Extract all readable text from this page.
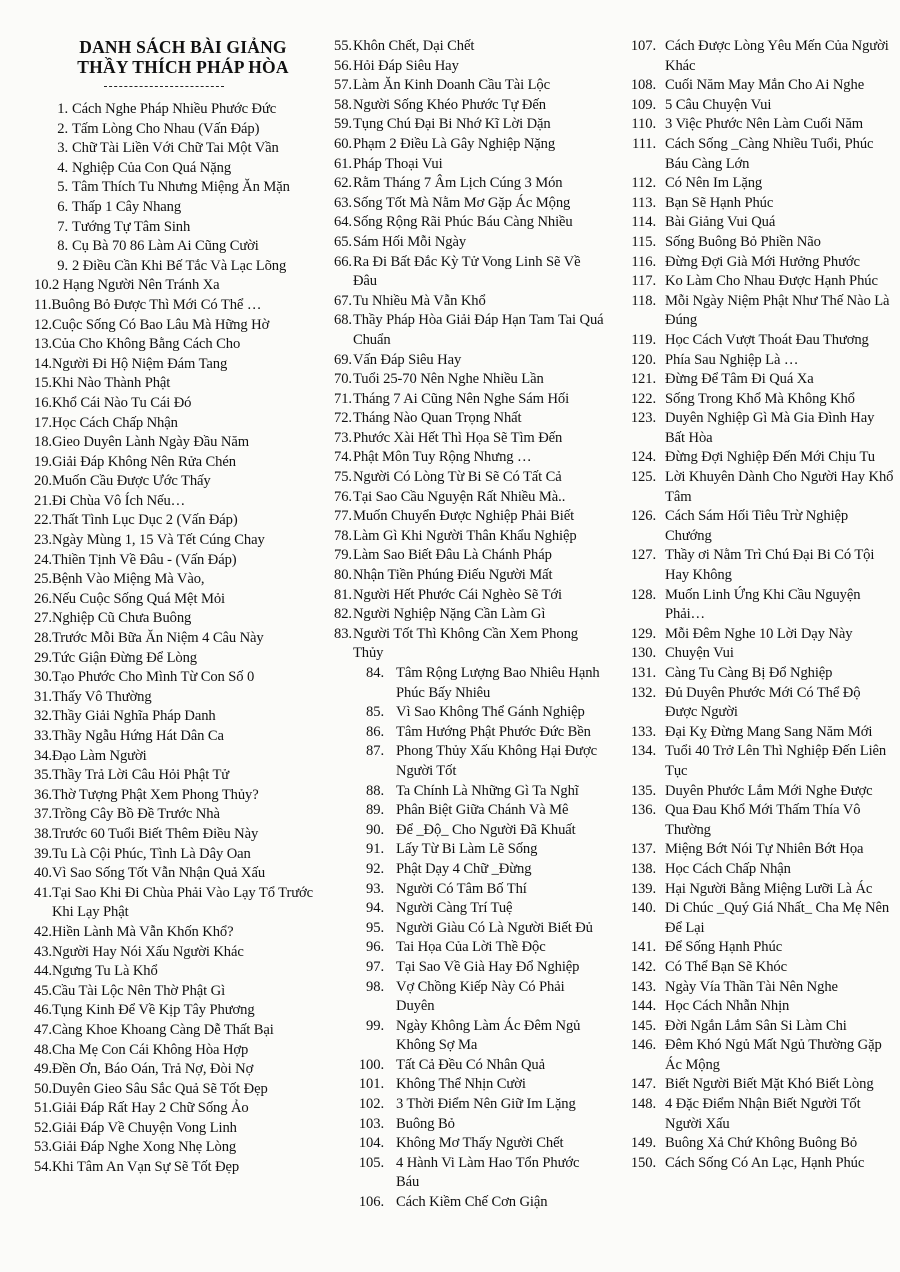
DANH SÁCH BÀI GIẢNG
THẦY THÍCH PHÁP HÒA
1. Cách Nghe Pháp Nhiều Phước Đức
2. Tấm Lòng Cho Nhau (Vấn Đáp)
3. Chữ Tài Liền Với Chữ Tai Một Vần
4. Nghiệp Của Con Quá Nặng
5. Tâm Thích Tu Nhưng Miệng Ăn Mặn
6. Thấp 1 Cây Nhang
7. Tướng Tự Tâm Sinh
8. Cụ Bà 70 86 Làm Ai Cũng Cười
9. 2 Điều Cần Khi Bế Tắc Và Lạc Lõng
10. 2 Hạng Người Nên Tránh Xa
11. Buông Bỏ Được Thì Mới Có Thể …
12. Cuộc Sống Có Bao Lâu Mà Hững Hờ
13. Của Cho Không Bằng Cách Cho
14. Người Đi Hộ Niệm Đám Tang
15. Khi Nào Thành Phật
16. Khổ Cái Nào Tu Cái Đó
17. Học Cách Chấp Nhận
18. Gieo Duyên Lành Ngày Đầu Năm
19. Giải Đáp Không Nên Rửa Chén
20. Muốn Cầu Được Ước Thấy
21. Đi Chùa Vô Ích Nếu…
22. Thất Tình Lục Dục 2 (Vấn Đáp)
23. Ngày Mùng 1, 15 Và Tết Cúng Chay
24. Thiền Tịnh Về Đâu - (Vấn Đáp)
25. Bệnh Vào Miệng Mà Vào,
26. Nếu Cuộc Sống Quá Mệt Mỏi
27. Nghiệp Cũ Chưa Buông
28. Trước Mỗi Bữa Ăn Niệm 4 Câu Này
29. Tức Giận Đừng Để Lòng
30. Tạo Phước Cho Mình Từ Con Số 0
31. Thấy Vô Thường
32. Thầy Giải Nghĩa Pháp Danh
33. Thầy Ngẫu Hứng Hát Dân Ca
34. Đạo Làm Người
35. Thầy Trả Lời Câu Hỏi Phật Tử
36. Thờ Tượng Phật Xem Phong Thủy?
37. Trồng Cây Bồ Đề Trước Nhà
38. Trước 60 Tuổi Biết Thêm Điều Này
39. Tu Là Cội Phúc, Tình Là Dây Oan
40. Vì Sao Sống Tốt Vẫn Nhận Quả Xấu
41. Tại Sao Khi Đi Chùa Phải Vào Lạy Tổ Trước Khi Lạy Phật
42. Hiền Lành Mà Vẫn Khốn Khổ?
43. Người Hay Nói Xấu Người Khác
44. Ngưng Tu Là Khổ
45. Cầu Tài Lộc Nên Thờ Phật Gì
46. Tụng Kinh Để Về Kịp Tây Phương
47. Càng Khoe Khoang Càng Dễ Thất Bại
48. Cha Mẹ Con Cái Không Hòa Hợp
49. Đền Ơn, Báo Oán, Trả Nợ, Đòi Nợ
50. Duyên Gieo Sâu Sắc Quả Sẽ Tốt Đẹp
51. Giải Đáp Rất Hay 2 Chữ Sống Ảo
52. Giải Đáp Về Chuyện Vong Linh
53. Giải Đáp Nghe Xong Nhẹ Lòng
54. Khi Tâm An Vạn Sự Sẽ Tốt Đẹp
55. Khôn Chết, Dại Chết
56. Hỏi Đáp Siêu Hay
57. Làm Ăn Kinh Doanh Cầu Tài Lộc
58. Người Sống Khéo Phước Tự Đến
59. Tụng Chú Đại Bi Nhớ Kĩ Lời Dặn
60. Phạm 2 Điều Là Gây Nghiệp Nặng
61. Pháp Thoại Vui
62. Rằm Tháng 7 Âm Lịch Cúng 3 Món
63. Sống Tốt Mà Nằm Mơ Gặp Ác Mộng
64. Sống Rộng Rãi Phúc Báu Càng Nhiều
65. Sám Hối Mỗi Ngày
66. Ra Đi Bất Đắc Kỳ Tử Vong Linh Sẽ Về Đâu
67. Tu Nhiều Mà Vẫn Khổ
68. Thầy Pháp Hòa Giải Đáp Hạn Tam Tai Quá Chuẩn
69. Vấn Đáp Siêu Hay
70. Tuổi 25-70 Nên Nghe Nhiều Lần
71. Tháng 7 Ai Cũng Nên Nghe Sám Hối
72. Tháng Nào Quan Trọng Nhất
73. Phước Xài Hết Thì Họa Sẽ Tìm Đến
74. Phật Môn Tuy Rộng Nhưng …
75. Người Có Lòng Từ Bi Sẽ Có Tất Cả
76. Tại Sao Cầu Nguyện Rất Nhiều Mà..
77. Muốn Chuyển Được Nghiệp Phải Biết
78. Làm Gì Khi Người Thân Khẩu Nghiệp
79. Làm Sao Biết Đâu Là Chánh Pháp
80. Nhận Tiền Phúng Điếu Người Mất
81. Người Hết Phước Cái Nghèo Sẽ Tới
82. Người Nghiệp Nặng Cần Làm Gì
83. Người Tốt Thì Không Cần Xem Phong Thủy
84. Tâm Rộng Lượng Bao Nhiêu Hạnh Phúc Bấy Nhiêu
85. Vì Sao Không Thể Gánh Nghiệp
86. Tâm Hướng Phật Phước Đức Bền
87. Phong Thủy Xấu Không Hại Được Người Tốt
88. Ta Chính Là Những Gì Ta Nghĩ
89. Phân Biệt Giữa Chánh Và Mê
90. Để _Độ_ Cho Người Đã Khuất
91. Lấy Từ Bi Làm Lẽ Sống
92. Phật Dạy 4 Chữ _Đừng
93. Người Có Tâm Bố Thí
94. Người Càng Trí Tuệ
95. Người Giàu Có Là Người Biết Đủ
96. Tai Họa Của Lời Thề Độc
97. Tại Sao Về Già Hay Đổ Nghiệp
98. Vợ Chồng Kiếp Này Có Phải Duyên
99. Ngày Không Làm Ác Đêm Ngủ Không Sợ Ma
100. Tất Cả Đều Có Nhân Quả
101. Không Thể Nhịn Cười
102. 3 Thời Điểm Nên Giữ Im Lặng
103. Buông Bỏ
104. Không Mơ Thấy Người Chết
105. 4 Hành Vi Làm Hao Tổn Phước Báu
106. Cách Kiềm Chế Cơn Giận
107. Cách Được Lòng Yêu Mến Của Người Khác
108. Cuối Năm May Mắn Cho Ai Nghe
109. 5 Câu Chuyện Vui
110. 3 Việc Phước Nên Làm Cuối Năm
111. Cách Sống _Càng Nhiều Tuổi, Phúc Báu Càng Lớn
112. Có Nên Im Lặng
113. Bạn Sẽ Hạnh Phúc
114. Bài Giảng Vui Quá
115. Sống Buông Bỏ Phiền Não
116. Đừng Đợi Già Mới Hưởng Phước
117. Ko Làm Cho Nhau Được Hạnh Phúc
118. Mỗi Ngày Niệm Phật Như Thế Nào Là Đúng
119. Học Cách Vượt Thoát Đau Thương
120. Phía Sau Nghiệp Là …
121. Đừng Để Tâm Đi Quá Xa
122. Sống Trong Khổ Mà Không Khổ
123. Duyên Nghiệp Gì Mà Gia Đình Hay Bất Hòa
124. Đừng Đợi Nghiệp Đến Mới Chịu Tu
125. Lời Khuyên Dành Cho Người Hay Khổ Tâm
126. Cách Sám Hối Tiêu Trừ Nghiệp Chướng
127. Thầy ơi Nằm Trì Chú Đại Bi Có Tội Hay Không
128. Muốn Linh Ứng Khi Cầu Nguyện Phải…
129. Mỗi Đêm Nghe 10 Lời Dạy Này
130. Chuyện Vui
131. Càng Tu Càng Bị Đổ Nghiệp
132. Đủ Duyên Phước Mới Có Thể Độ Được Người
133. Đại Kỵ Đừng Mang Sang Năm Mới
134. Tuổi 40 Trở Lên Thì Nghiệp Đến Liên Tục
135. Duyên Phước Lắm Mới Nghe Được
136. Qua Đau Khổ Mới Thấm Thía Vô Thường
137. Miệng Bớt Nói Tự Nhiên Bớt Họa
138. Học Cách Chấp Nhận
139. Hại Người Bằng Miệng Lưỡi Là Ác
140. Di Chúc _Quý Giá Nhất_ Cha Mẹ Nên Để Lại
141. Để Sống Hạnh Phúc
142. Có Thể Bạn Sẽ Khóc
143. Ngày Vía Thần Tài Nên Nghe
144. Học Cách Nhẫn Nhịn
145. Đời Ngắn Lắm Sân Si Làm Chi
146. Đêm Khó Ngủ Mất Ngủ Thường Gặp Ác Mộng
147. Biết Người Biết Mặt Khó Biết Lòng
148. 4 Đặc Điểm Nhận Biết Người Tốt Người Xấu
149. Buông Xả Chứ Không Buông Bỏ
150. Cách Sống Có An Lạc, Hạnh Phúc
